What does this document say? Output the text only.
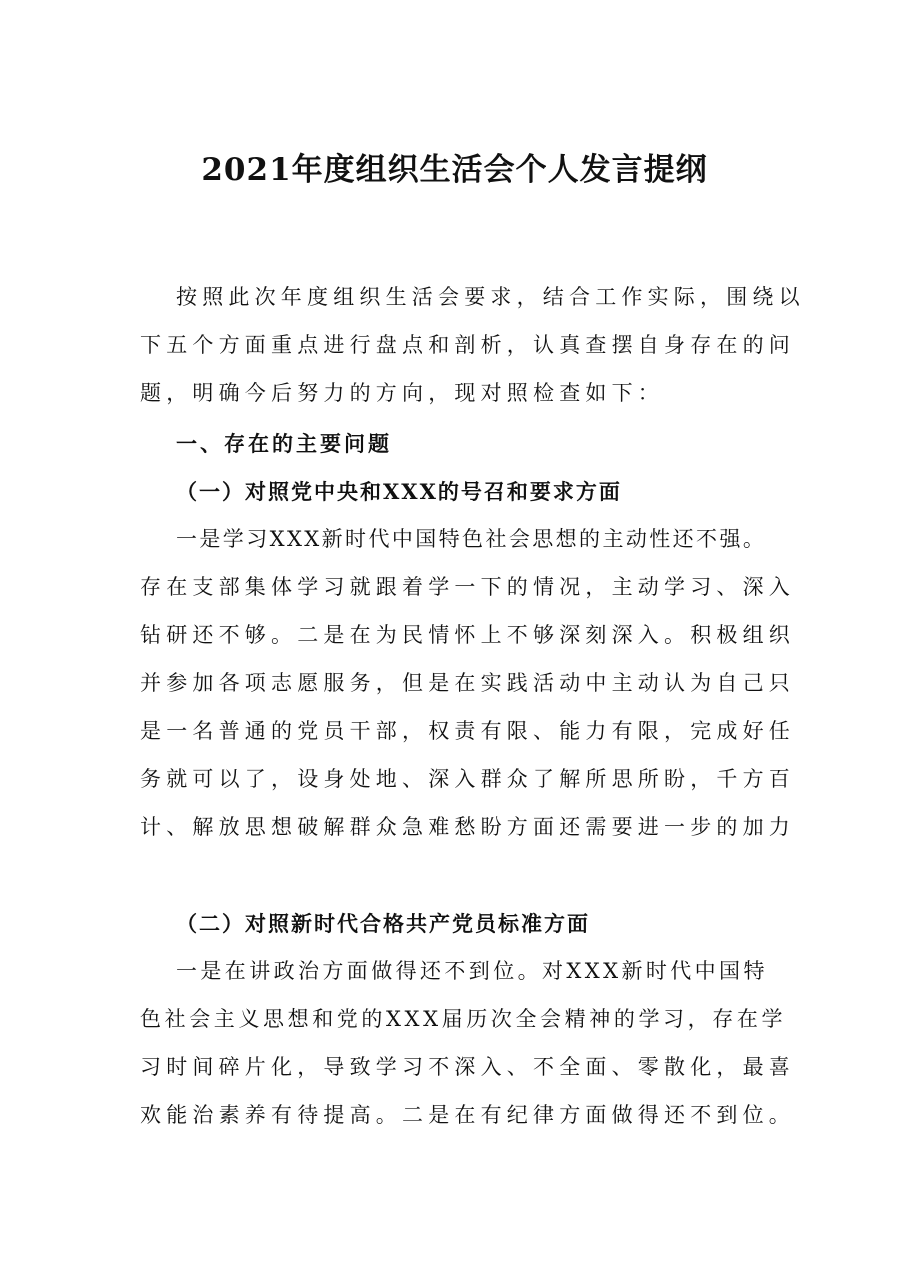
2021年度组织生活会个人发言提纲
按照此次年度组织生活会要求，结合工作实际，围绕以
下五个方面重点进行盘点和剖析，认真查摆自身存在的问
题，明确今后努力的方向，现对照检查如下：
一、存在的主要问题
（一）对照党中央和XXX的号召和要求方面
一是学习XXX新时代中国特色社会思想的主动性还不强。
存在支部集体学习就跟着学一下的情况，主动学习、深入
钻研还不够。二是在为民情怀上不够深刻深入。积极组织
并参加各项志愿服务，但是在实践活动中主动认为自己只
是一名普通的党员干部，权责有限、能力有限，完成好任
务就可以了，设身处地、深入群众了解所思所盼，千方百
计、解放思想破解群众急难愁盼方面还需要进一步的加力
（二）对照新时代合格共产党员标准方面
一是在讲政治方面做得还不到位。对XXX新时代中国特
色社会主义思想和党的XXX届历次全会精神的学习，存在学
习时间碎片化，导致学习不深入、不全面、零散化，最喜
欢能治素养有待提高。二是在有纪律方面做得还不到位。
